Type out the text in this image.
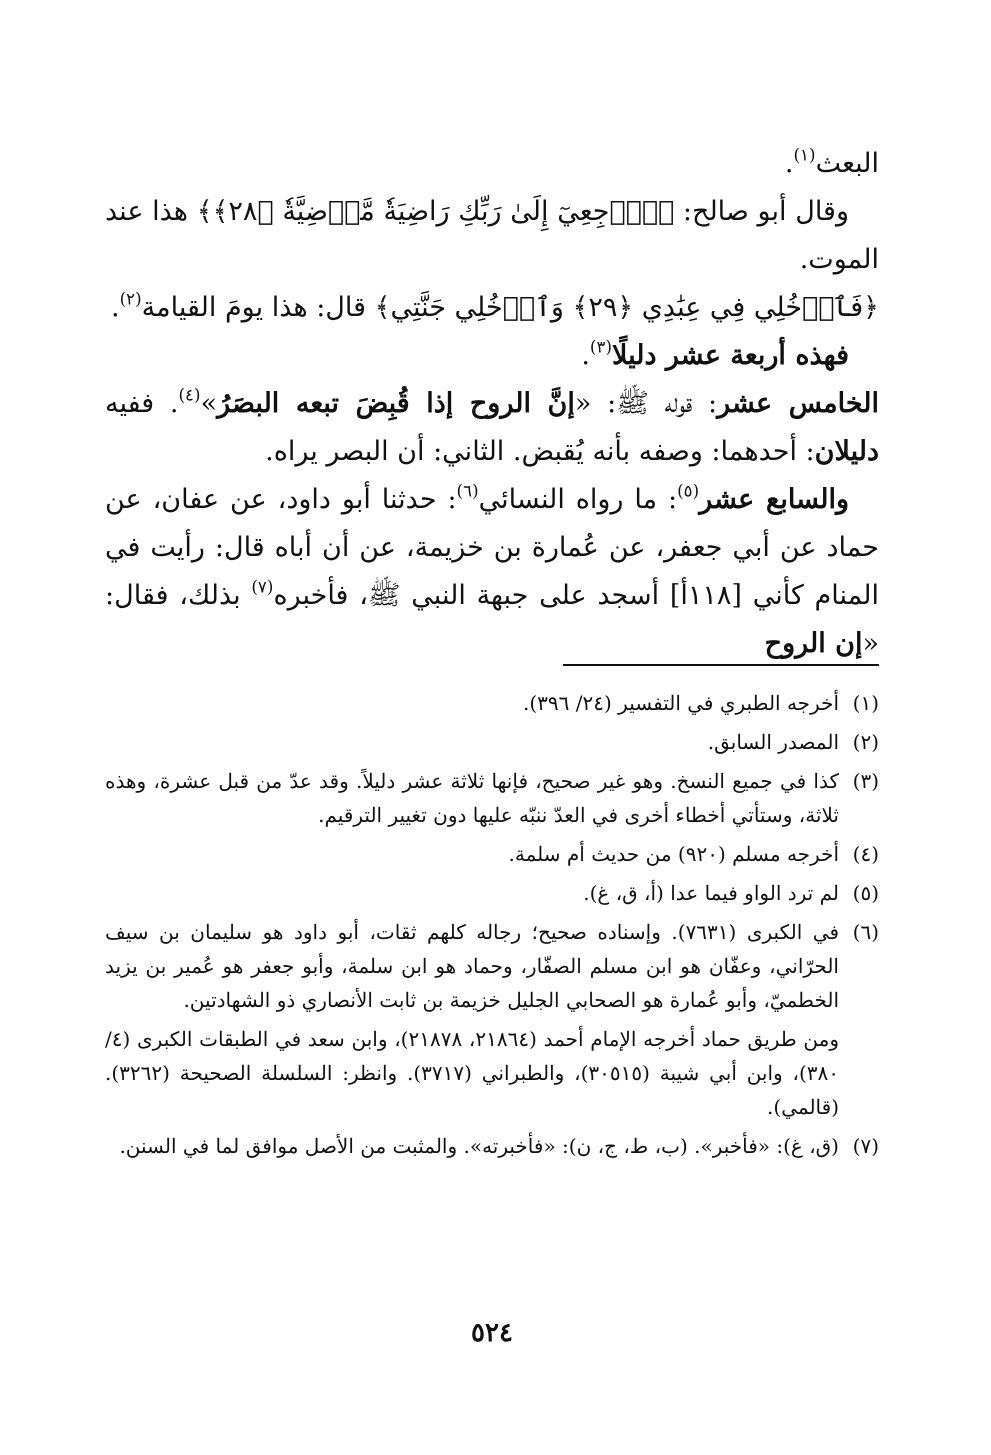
البعث$^{(١)}$.

وقال أبو صالح: ﴿ٱرۡجِعِيٓ إِلَىٰ رَبِّكِ رَاضِيَةٗ مَّرۡضِيَّةٗ ﴿٢٨﴾﴾ هذا عند الموت.

﴿فَٱدۡخُلِي فِي عِبَٰدِي ﴿٢٩﴾ وَٱدۡخُلِي جَنَّتِي﴾ قال: هذا يومَ القيامة$^{(٢)}$.

فهذه أربعة عشر دليلًا$^{(٣)}$.

الخامس عشر: قوله ﷺ: «إنَّ الروح إذا قُبِضَ تبعه البصَرُ»$^{(٤)}$. ففيه دليلان: أحدهما: وصفه بأنه يُقبض. الثاني: أن البصر يراه.

والسابع عشر$^{(٥)}$: ما رواه النسائي$^{(٦)}$: حدثنا أبو داود، عن عفان، عن حماد عن أبي جعفر، عن عُمارة بن خزيمة، عن أن أباه قال: رأيت في المنام كأني [١١٨أ] أسجد على جبهة النبي ﷺ، فأخبره$^{(٧)}$ بذلك، فقال: «إن الروح

(١)
أخرجه الطبري في التفسير (٢٤/ ٣٩٦).
(٢)
المصدر السابق.
(٣)
كذا في جميع النسخ. وهو غير صحيح، فإنها ثلاثة عشر دليلاً. وقد عدّ من قبل عشرة، وهذه ثلاثة، وستأتي أخطاء أخرى في العدّ ننبّه عليها دون تغيير الترقيم.
(٤)
أخرجه مسلم (٩٢٠) من حديث أم سلمة.
(٥)
لم ترد الواو فيما عدا (أ، ق، غ).
(٦)
في الكبرى (٧٦٣١). وإسناده صحيح؛ رجاله كلهم ثقات، أبو داود هو سليمان بن سيف الحرّاني، وعفّان هو ابن مسلم الصفّار، وحماد هو ابن سلمة، وأبو جعفر هو عُمير بن يزيد الخطميّ، وأبو عُمارة هو الصحابي الجليل خزيمة بن ثابت الأنصاري ذو الشهادتين.
ومن طريق حماد أخرجه الإمام أحمد (٢١٨٦٤، ٢١٨٧٨)، وابن سعد في الطبقات الكبرى (٤/ ٣٨٠)، وابن أبي شيبة (٣٠٥١٥)، والطبراني (٣٧١٧). وانظر: السلسلة الصحيحة (٣٢٦٢). (قالمي).
(٧)
(ق، غ): «فأخبر». (ب، ط، ج، ن): «فأخبرته». والمثبت من الأصل موافق لما في السنن.
٥٢٤
